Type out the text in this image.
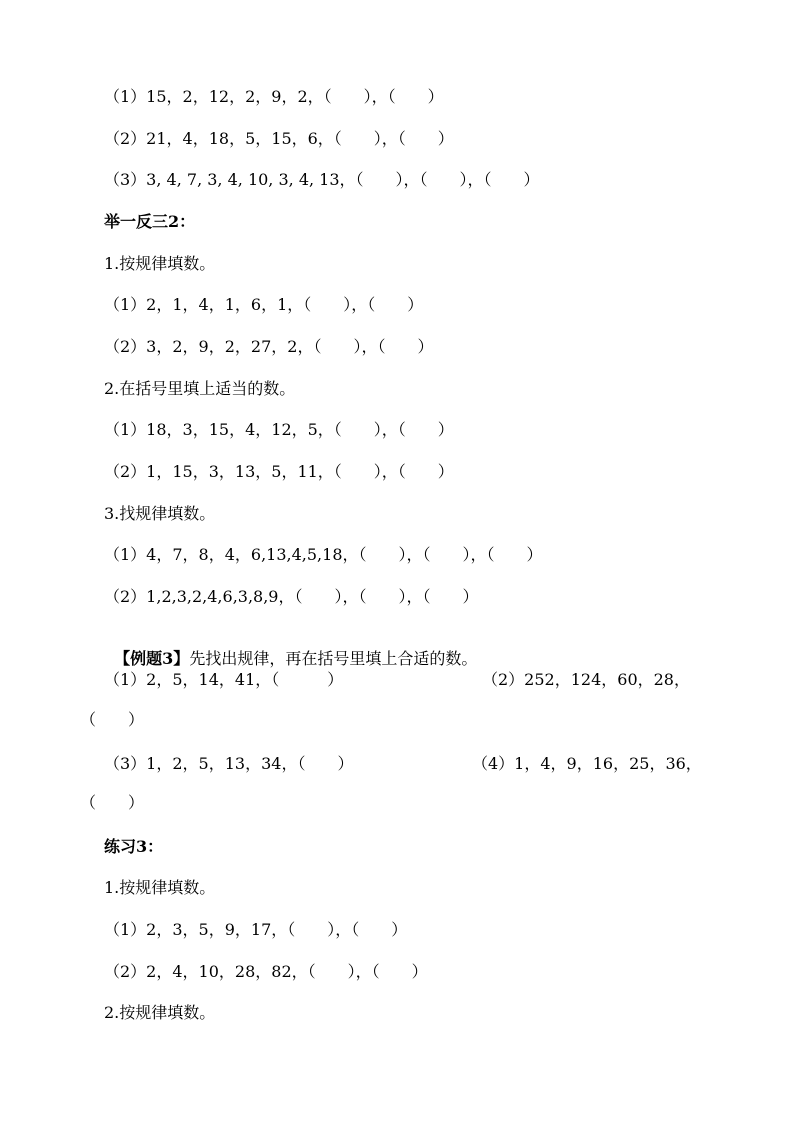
（1）15，2，12，2，9，2，（　　），（　　）
（2）21，4，18，5，15，6，（　　），（　　）
（3）3, 4, 7, 3, 4, 10, 3, 4, 13，（　　），（　　），（　　）
举一反三2：
1.按规律填数。
（1）2，1，4，1，6，1，（　　），（　　）
（2）3，2，9，2，27，2，（　　），（　　）
2.在括号里填上适当的数。
（1）18，3，15，4，12，5，（　　），（　　）
（2）1，15，3，13，5，11，（　　），（　　）
3.找规律填数。
（1）4，7，8，4，6,13,4,5,18，（　　），（　　），（　　）
（2）1,2,3,2,4,6,3,8,9，（　　），（　　），（　　）

【例题3】先找出规律，再在括号里填上合适的数。

（1）2，5，14，41，（　　　）	（2）252，124，60，28，
（　　）
（3）1，2，5，13，34，（　　）	（4）1，4，9，16，25，36，
（　　）
练习3：
1.按规律填数。
（1）2，3，5，9，17，（　　），（　　）
（2）2，4，10，28，82，（　　），（　　）
2.按规律填数。
